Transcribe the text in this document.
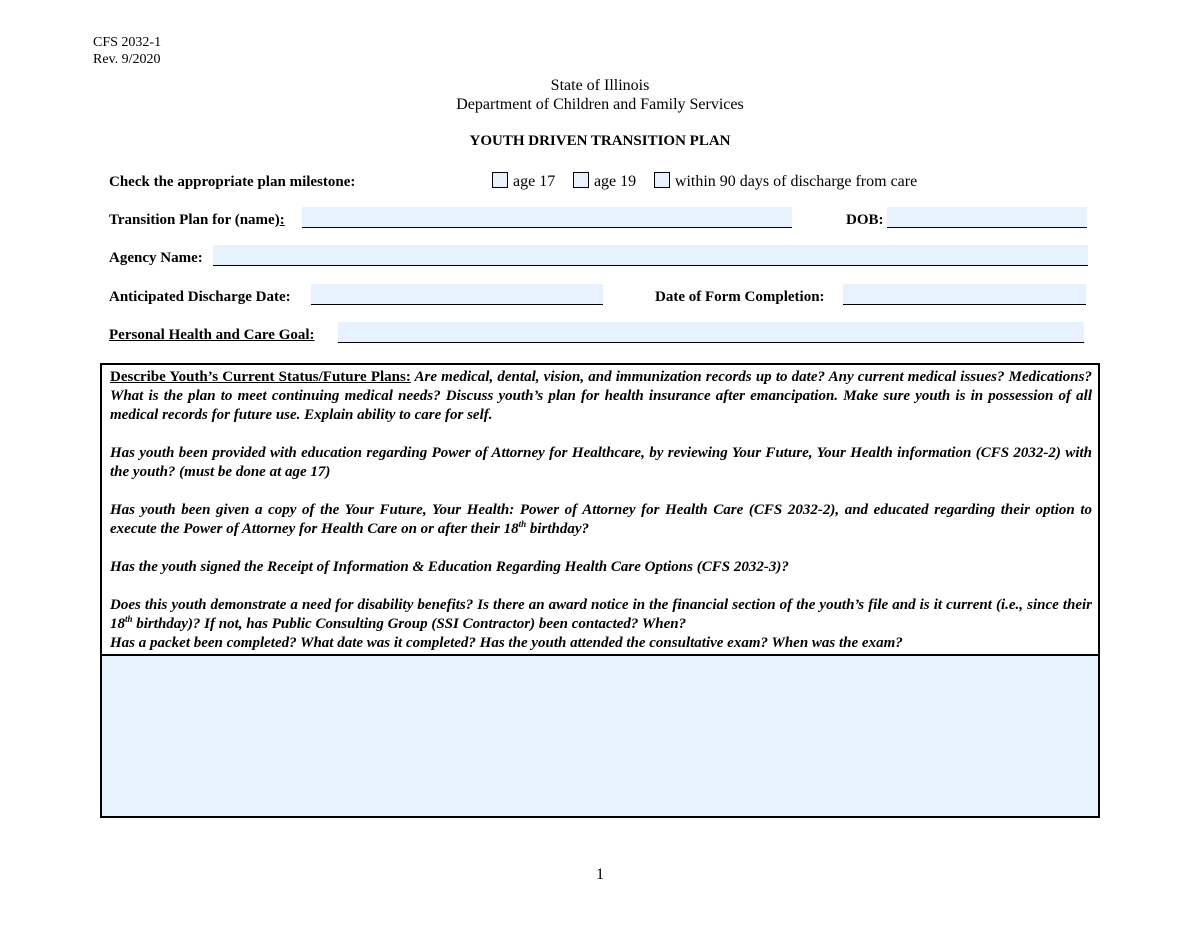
CFS 2032-1
Rev. 9/2020
State of Illinois
Department of Children and Family Services
YOUTH DRIVEN TRANSITION PLAN
Check the appropriate plan milestone:	age 17 age 19 within 90 days of discharge from care
Transition Plan for (name):	DOB:
Agency Name:
Anticipated Discharge Date:	Date of Form Completion:
Personal Health and Care Goal:

Describe Youth’s Current Status/Future Plans: Are medical, dental, vision, and immunization records up to date? Any current medical issues? Medications? What is the plan to meet continuing medical needs? Discuss youth’s plan for health insurance after emancipation. Make sure youth is in possession of all medical records for future use. Explain ability to care for self.

Has youth been provided with education regarding Power of Attorney for Healthcare, by reviewing Your Future, Your Health information (CFS 2032-2) with the youth? (must be done at age 17)

Has youth been given a copy of the Your Future, Your Health: Power of Attorney for Health Care (CFS 2032-2), and educated regarding their option to execute the Power of Attorney for Health Care on or after their 18th birthday?

Has the youth signed the Receipt of Information & Education Regarding Health Care Options (CFS 2032-3)?

Does this youth demonstrate a need for disability benefits? Is there an award notice in the financial section of the youth’s file and is it current (i.e., since their 18th birthday)? If not, has Public Consulting Group (SSI Contractor) been contacted? When?
Has a packet been completed? What date was it completed? Has the youth attended the consultative exam? When was the exam?

1
